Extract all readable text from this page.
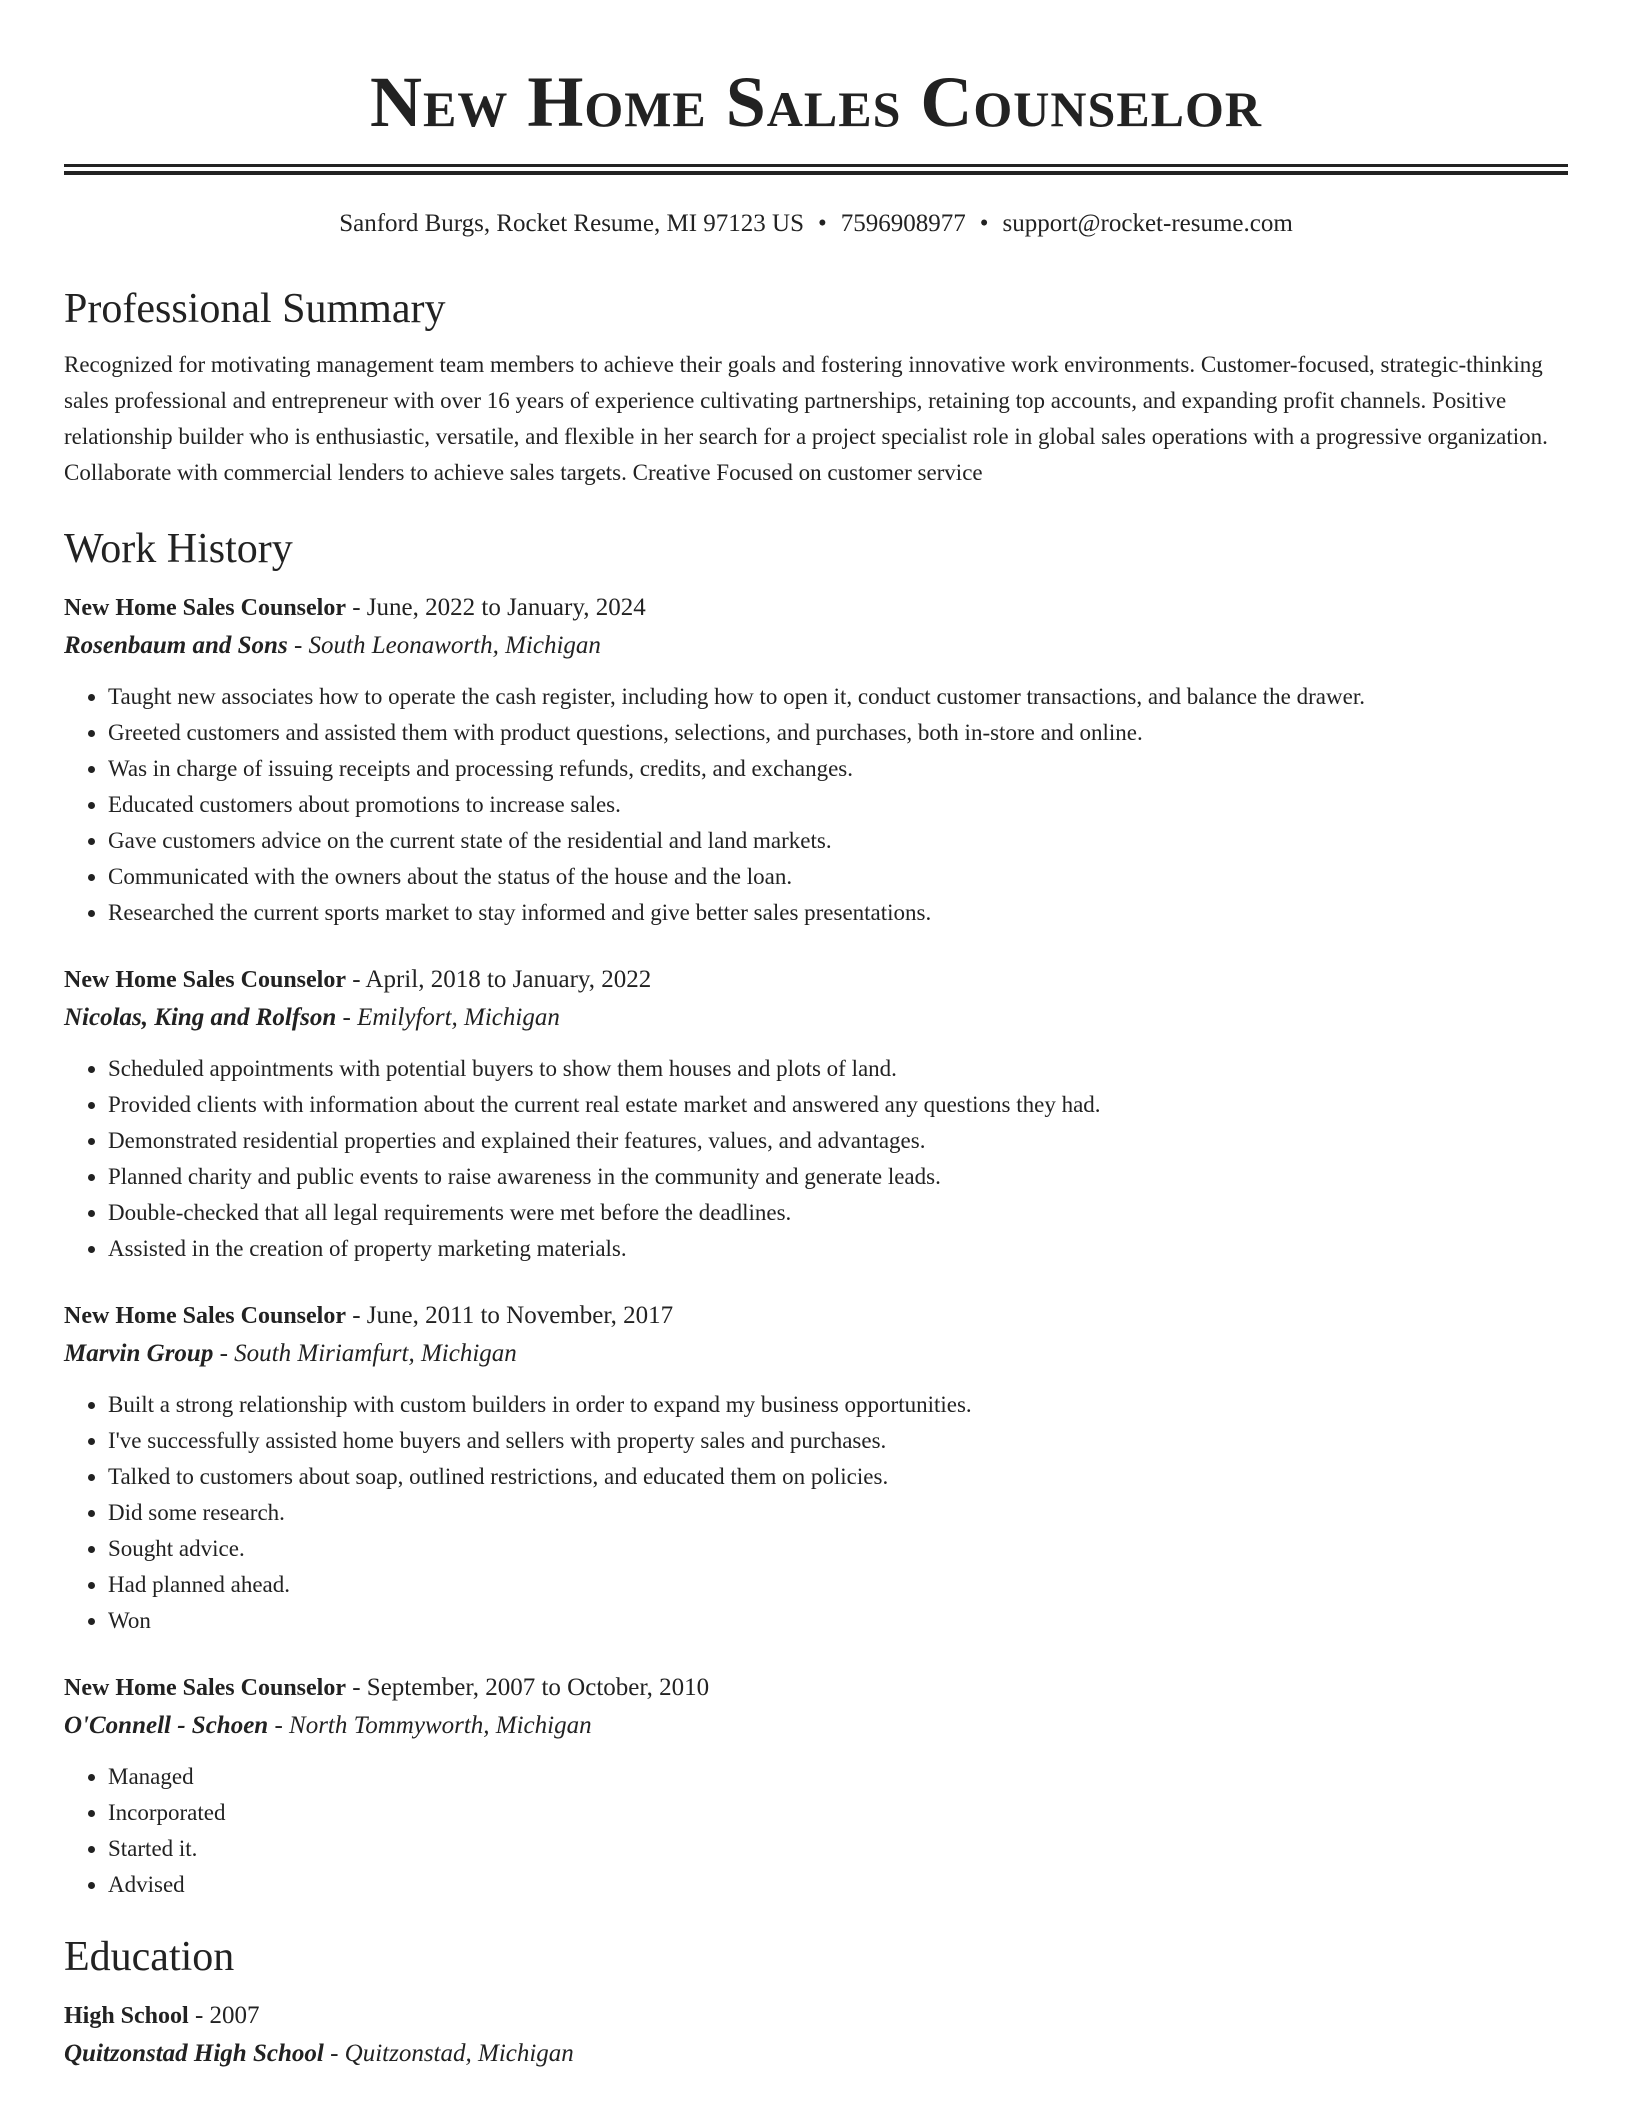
New Home Sales Counselor
Sanford Burgs, Rocket Resume, MI 97123 US • 7596908977 • support@rocket-resume.com
Professional Summary
Recognized for motivating management team members to achieve their goals and fostering innovative work environments. Customer-focused, strategic-thinking sales professional and entrepreneur with over 16 years of experience cultivating partnerships, retaining top accounts, and expanding profit channels. Positive relationship builder who is enthusiastic, versatile, and flexible in her search for a project specialist role in global sales operations with a progressive organization. Collaborate with commercial lenders to achieve sales targets. Creative Focused on customer service
Work History
New Home Sales Counselor - June, 2022 to January, 2024
Rosenbaum and Sons - South Leonaworth, Michigan
• Taught new associates how to operate the cash register, including how to open it, conduct customer transactions, and balance the drawer.
• Greeted customers and assisted them with product questions, selections, and purchases, both in-store and online.
• Was in charge of issuing receipts and processing refunds, credits, and exchanges.
• Educated customers about promotions to increase sales.
• Gave customers advice on the current state of the residential and land markets.
• Communicated with the owners about the status of the house and the loan.
• Researched the current sports market to stay informed and give better sales presentations.
New Home Sales Counselor - April, 2018 to January, 2022
Nicolas, King and Rolfson - Emilyfort, Michigan
• Scheduled appointments with potential buyers to show them houses and plots of land.
• Provided clients with information about the current real estate market and answered any questions they had.
• Demonstrated residential properties and explained their features, values, and advantages.
• Planned charity and public events to raise awareness in the community and generate leads.
• Double-checked that all legal requirements were met before the deadlines.
• Assisted in the creation of property marketing materials.
New Home Sales Counselor - June, 2011 to November, 2017
Marvin Group - South Miriamfurt, Michigan
• Built a strong relationship with custom builders in order to expand my business opportunities.
• I've successfully assisted home buyers and sellers with property sales and purchases.
• Talked to customers about soap, outlined restrictions, and educated them on policies.
• Did some research.
• Sought advice.
• Had planned ahead.
• Won
New Home Sales Counselor - September, 2007 to October, 2010
O'Connell - Schoen - North Tommyworth, Michigan
• Managed
• Incorporated
• Started it.
• Advised
Education
High School - 2007
Quitzonstad High School - Quitzonstad, Michigan
